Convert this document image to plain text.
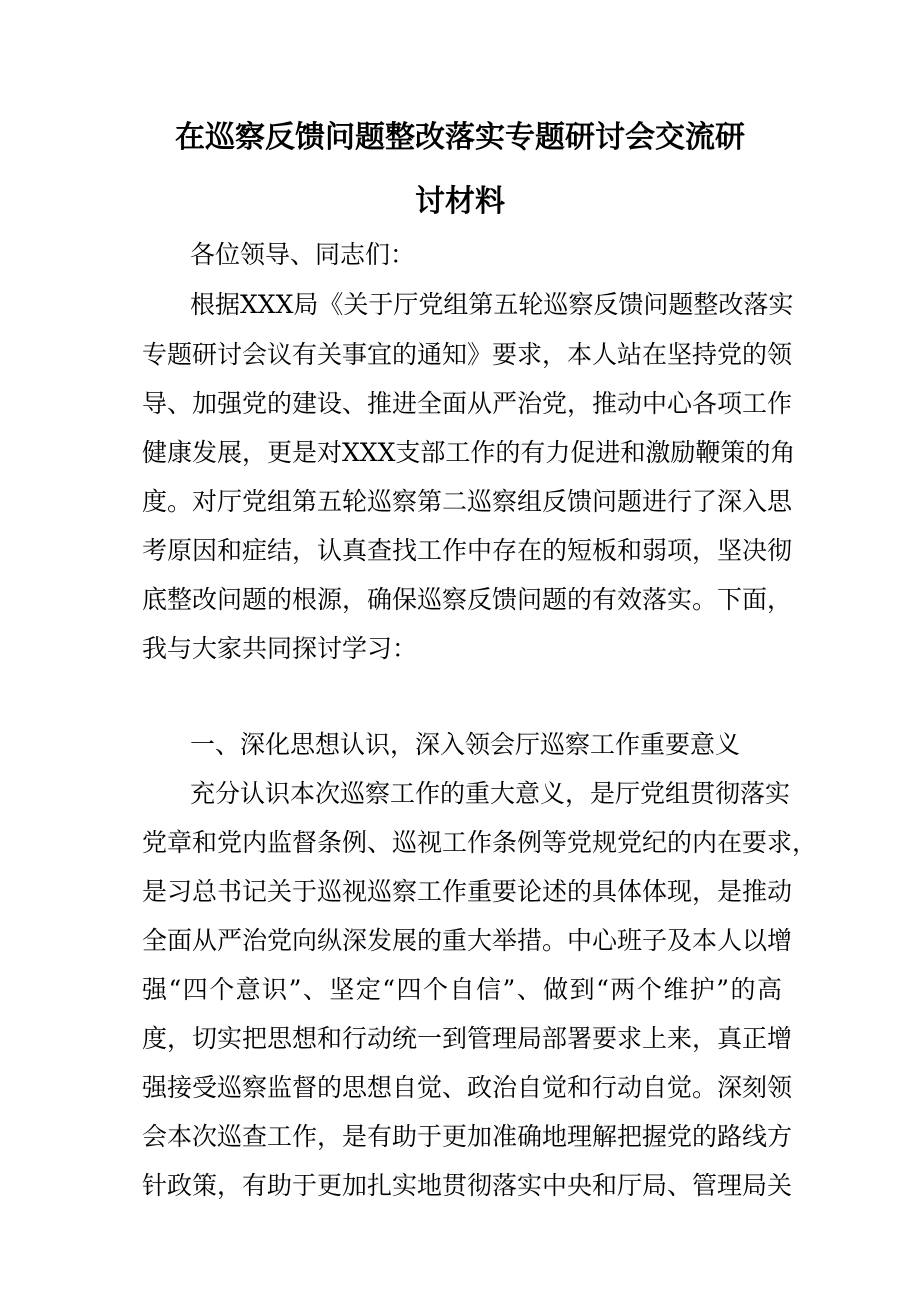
在巡察反馈问题整改落实专题研讨会交流研
讨材料
各位领导、同志们：
根据XXX局《关于厅党组第五轮巡察反馈问题整改落实
专题研讨会议有关事宜的通知》要求，本人站在坚持党的领
导、加强党的建设、推进全面从严治党，推动中心各项工作
健康发展，更是对XXX支部工作的有力促进和激励鞭策的角
度。对厅党组第五轮巡察第二巡察组反馈问题进行了深入思
考原因和症结，认真查找工作中存在的短板和弱项，坚决彻
底整改问题的根源，确保巡察反馈问题的有效落实。下面，
我与大家共同探讨学习：
一、深化思想认识，深入领会厅巡察工作重要意义
充分认识本次巡察工作的重大意义，是厅党组贯彻落实
党章和党内监督条例、巡视工作条例等党规党纪的内在要求，
是习总书记关于巡视巡察工作重要论述的具体体现，是推动
全面从严治党向纵深发展的重大举措。中心班子及本人以增
强“四个意识”、坚定“四个自信”、做到“两个维护”的高
度，切实把思想和行动统一到管理局部署要求上来，真正增
强接受巡察监督的思想自觉、政治自觉和行动自觉。深刻领
会本次巡查工作，是有助于更加准确地理解把握党的路线方
针政策，有助于更加扎实地贯彻落实中央和厅局、管理局关
